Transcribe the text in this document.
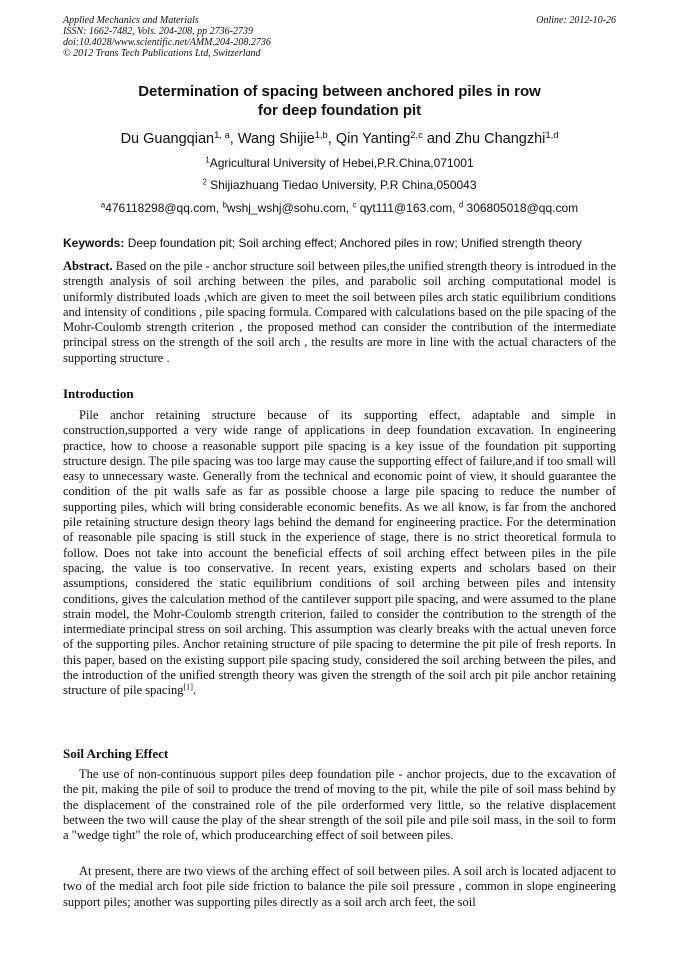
Applied Mechanics and Materials
ISSN: 1662-7482, Vols. 204-208, pp 2736-2739
doi:10.4028/www.scientific.net/AMM.204-208.2736
© 2012 Trans Tech Publications Ltd, Switzerland
Online: 2012-10-26
Determination of spacing between anchored piles in row
for deep foundation pit
Du Guangqian$^{1, a}$, Wang Shijie$^{1,b}$, Qin Yanting$^{2,c}$ and Zhu Changzhi$^{1,d}$
$^1$Agricultural University of Hebei,P.R.China,071001
$^2$ Shijiazhuang Tiedao University, P.R China,050043
$^a$476118298@qq.com, $^b$wshj_wshj@sohu.com, $^c$ qyt111@163.com, $^d$ 306805018@qq.com
Keywords: Deep foundation pit; Soil arching effect; Anchored piles in row; Unified strength theory
Abstract. Based on the pile - anchor structure soil between piles,the unified strength theory is introdued in the strength analysis of soil arching between the piles, and parabolic soil arching computational model is uniformly distributed loads ,which are given to meet the soil between piles arch static equilibrium conditions and intensity of conditions , pile spacing formula. Compared with calculations based on the pile spacing of the Mohr-Coulomb strength criterion , the proposed method can consider the contribution of the intermediate principal stress on the strength of the soil arch , the results are more in line with the actual characters of the supporting structure .
Introduction
Pile anchor retaining structure because of its supporting effect, adaptable and simple in construction,supported a very wide range of applications in deep foundation excavation. In engineering practice, how to choose a reasonable support pile spacing is a key issue of the foundation pit supporting structure design. The pile spacing was too large may cause the supporting effect of failure,and if too small will easy to unnecessary waste. Generally from the technical and economic point of view, it should guarantee the condition of the pit walls safe as far as possible choose a large pile spacing to reduce the number of supporting piles, which will bring considerable economic benefits. As we all know, is far from the anchored pile retaining structure design theory lags behind the demand for engineering practice. For the determination of reasonable pile spacing is still stuck in the experience of stage, there is no strict theoretical formula to follow. Does not take into account the beneficial effects of soil arching effect between piles in the pile spacing, the value is too conservative. In recent years, existing experts and scholars based on their assumptions, considered the static equilibrium conditions of soil arching between piles and intensity conditions, gives the calculation method of the cantilever support pile spacing, and were assumed to the plane strain model, the Mohr-Coulomb strength criterion, failed to consider the contribution to the strength of the intermediate principal stress on soil arching. This assumption was clearly breaks with the actual uneven force of the supporting piles. Anchor retaining structure of pile spacing to determine the pit pile of fresh reports. In this paper, based on the existing support pile spacing study, considered the soil arching between the piles, and the introduction of the unified strength theory was given the strength of the soil arch pit pile anchor retaining structure of pile spacing[1].
Soil Arching Effect
The use of non-continuous support piles deep foundation pile - anchor projects, due to the excavation of the pit, making the pile of soil to produce the trend of moving to the pit, while the pile of soil mass behind by the displacement of the constrained role of the pile orderformed very little, so the relative displacement between the two will cause the play of the shear strength of the soil pile and pile soil mass, in the soil to form a "wedge tight" the role of, which producearching effect of soil between piles.
At present, there are two views of the arching effect of soil between piles. A soil arch is located adjacent to two of the medial arch foot pile side friction to balance the pile soil pressure , common in slope engineering support piles; another was supporting piles directly as a soil arch arch feet, the soil
